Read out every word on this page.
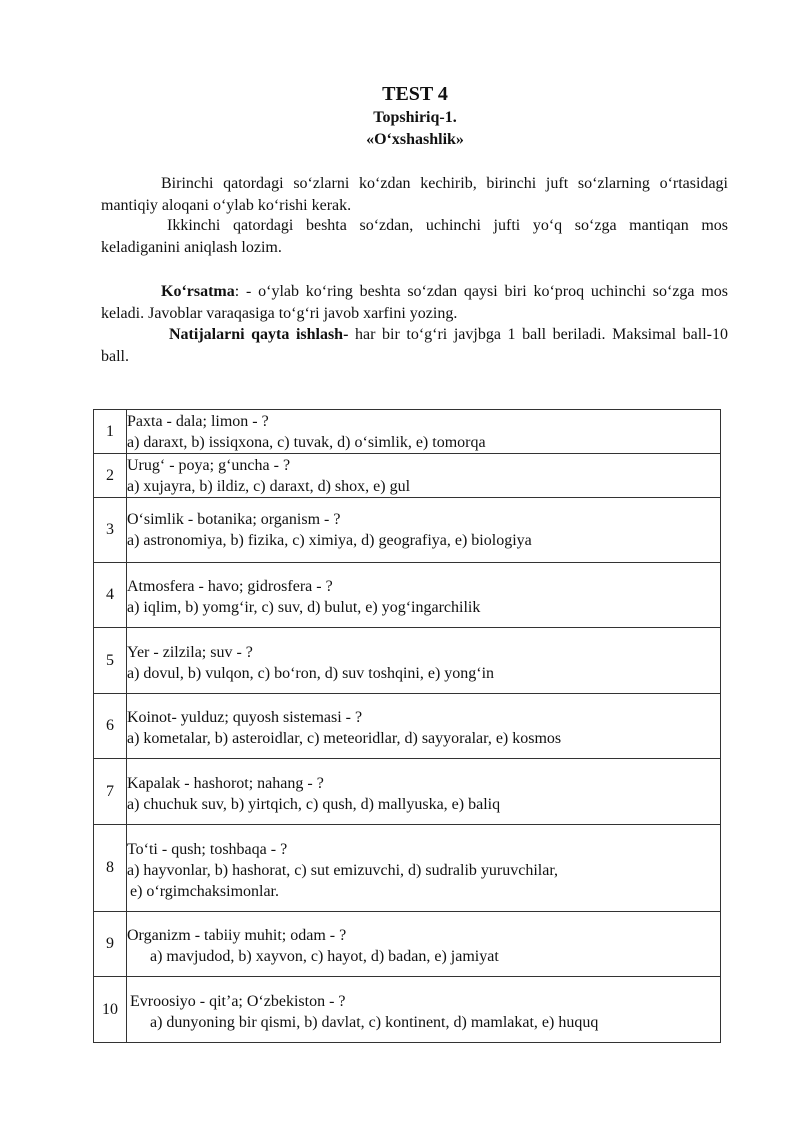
TEST 4
Topshiriq-1.
«O‘xshashlik»

Birinchi qatordagi so‘zlarni ko‘zdan kechirib, birinchi juft so‘zlarning o‘rtasidagi mantiqiy aloqani o‘ylab ko‘rishi kerak.

Ikkinchi qatordagi beshta so‘zdan, uchinchi jufti yo‘q so‘zga mantiqan mos keladiganini aniqlash lozim.

Ko‘rsatma: - o‘ylab ko‘ring beshta so‘zdan qaysi biri ko‘proq uchinchi so‘zga mos keladi. Javoblar varaqasiga to‘g‘ri javob xarfini yozing.

Natijalarni qayta ishlash- har bir to‘g‘ri javjbga 1 ball beriladi. Maksimal ball-10 ball.

1	Paxta - dala; limon - ?
a) daraxt, b) issiqxona, c) tuvak, d) o‘simlik, e) tomorqa

2	Urug‘ - poya; g‘uncha - ?
a) xujayra, b) ildiz, c) daraxt, d) shox, e) gul

3	O‘simlik - botanika; organism - ?
a) astronomiya, b) fizika, c) ximiya, d) geografiya, e) biologiya

4	Atmosfera - havo; gidrosfera - ?
a) iqlim, b) yomg‘ir, c) suv, d) bulut, e) yog‘ingarchilik

5	Yer - zilzila; suv - ?
a) dovul, b) vulqon, c) bo‘ron, d) suv toshqini, e) yong‘in

6	Koinot- yulduz; quyosh sistemasi - ?
a) kometalar, b) asteroidlar, c) meteoridlar, d) sayyoralar, e) kosmos

7	Kapalak - hashorot; nahang - ?
a) chuchuk suv, b) yirtqich, c) qush, d) mallyuska, e) baliq

8	To‘ti - qush; toshbaqa - ?
a) hayvonlar, b) hashorat, c) sut emizuvchi, d) sudralib yuruvchilar,
e) o‘rgimchaksimonlar.

9	Organizm - tabiiy muhit; odam - ?
a) mavjudod, b) xayvon, c) hayot, d) badan, e) jamiyat

10	Evroosiyo - qit’a; O‘zbekiston - ?
a) dunyoning bir qismi, b) davlat, c) kontinent, d) mamlakat, e) huquq
